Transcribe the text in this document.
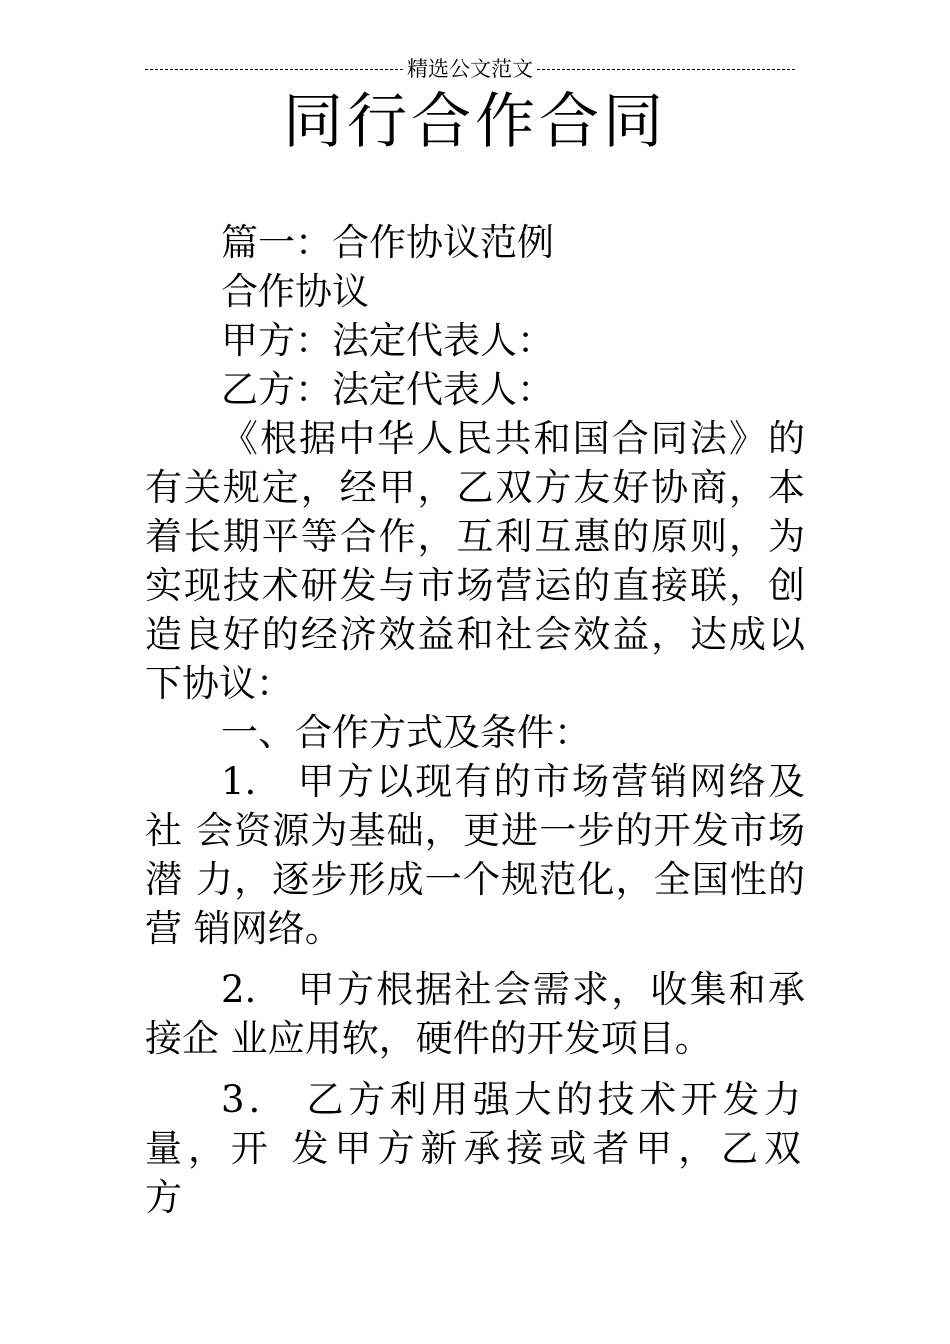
精选公文范文
同行合作合同

篇一：合作协议范例

合作协议

甲方：法定代表人：

乙方：法定代表人：

《根据中华人民共和国合同法》的有关规定，经甲，乙双方友好协商，本着长期平等合作，互利互惠的原则，为实现技术研发与市场营运的直接联，创造良好的经济效益和社会效益，达成以下协议：

一、合作方式及条件：

1.　甲方以现有的市场营销网络及社 会资源为基础，更进一步的开发市场潜 力，逐步形成一个规范化，全国性的营 销网络。

2.　甲方根据社会需求，收集和承接企 业应用软，硬件的开发项目。

3.　乙方利用强大的技术开发力量，开 发甲方新承接或者甲，乙双方
